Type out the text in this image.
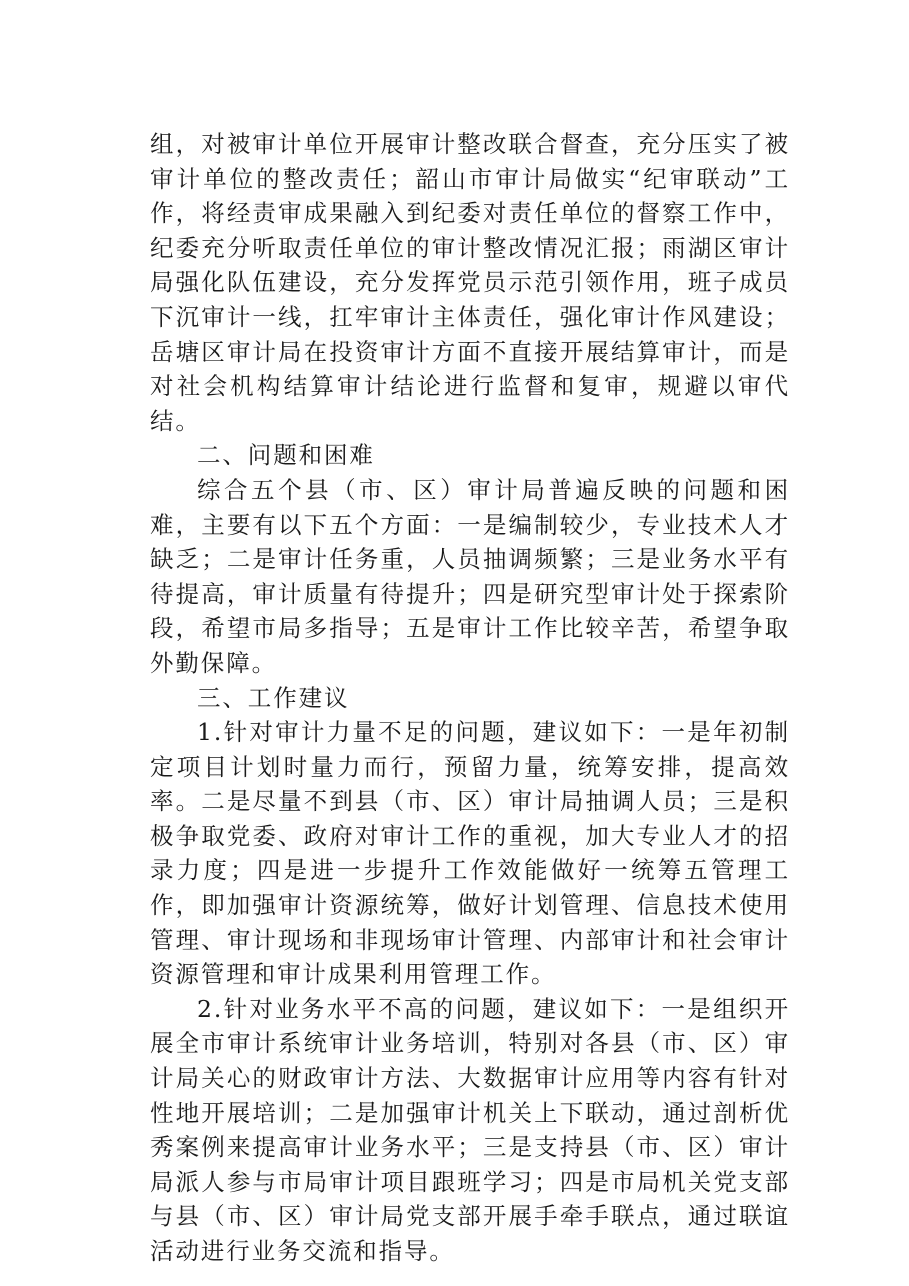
组，对被审计单位开展审计整改联合督查，充分压实了被审计单位的整改责任；韶山市审计局做实“纪审联动”工作，将经责审成果融入到纪委对责任单位的督察工作中，纪委充分听取责任单位的审计整改情况汇报；雨湖区审计局强化队伍建设，充分发挥党员示范引领作用，班子成员下沉审计一线，扛牢审计主体责任，强化审计作风建设；岳塘区审计局在投资审计方面不直接开展结算审计，而是对社会机构结算审计结论进行监督和复审，规避以审代结。

二、问题和困难

综合五个县（市、区）审计局普遍反映的问题和困难，主要有以下五个方面：一是编制较少，专业技术人才缺乏；二是审计任务重，人员抽调频繁；三是业务水平有待提高，审计质量有待提升；四是研究型审计处于探索阶段，希望市局多指导；五是审计工作比较辛苦，希望争取外勤保障。

三、工作建议

1.针对审计力量不足的问题，建议如下：一是年初制定项目计划时量力而行，预留力量，统筹安排，提高效率。二是尽量不到县（市、区）审计局抽调人员；三是积极争取党委、政府对审计工作的重视，加大专业人才的招录力度；四是进一步提升工作效能做好一统筹五管理工作，即加强审计资源统筹，做好计划管理、信息技术使用管理、审计现场和非现场审计管理、内部审计和社会审计资源管理和审计成果利用管理工作。

2.针对业务水平不高的问题，建议如下：一是组织开展全市审计系统审计业务培训，特别对各县（市、区）审计局关心的财政审计方法、大数据审计应用等内容有针对性地开展培训；二是加强审计机关上下联动，通过剖析优秀案例来提高审计业务水平；三是支持县（市、区）审计局派人参与市局审计项目跟班学习；四是市局机关党支部与县（市、区）审计局党支部开展手牵手联点，通过联谊活动进行业务交流和指导。
